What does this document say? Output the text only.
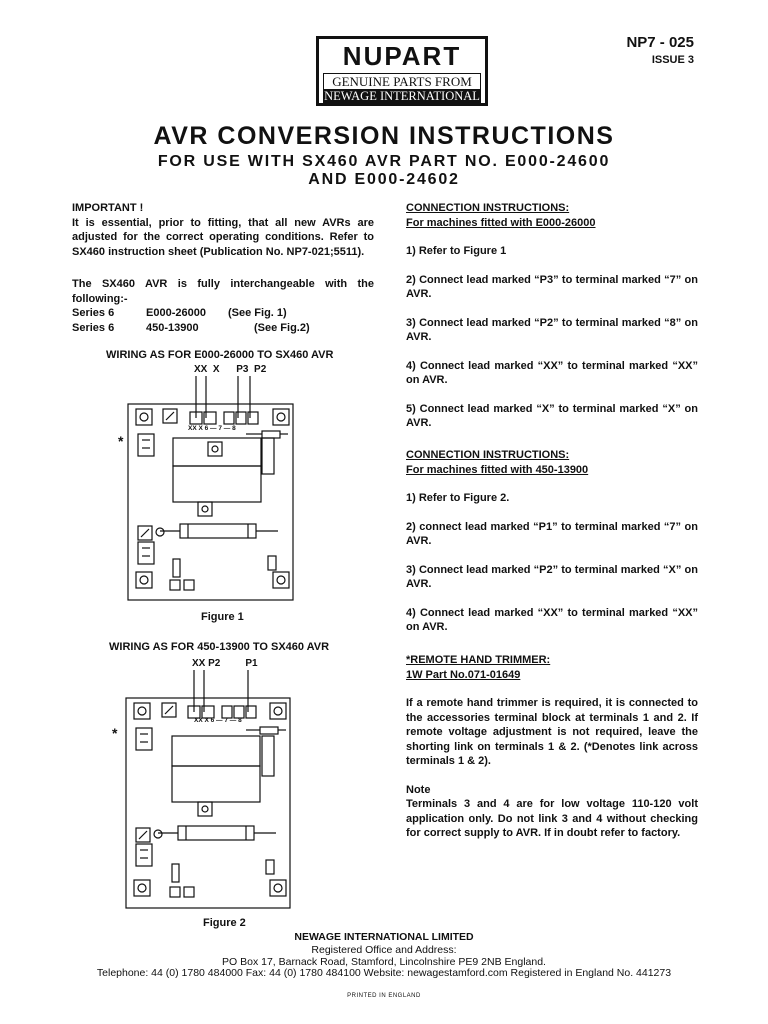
NUPART
GENUINE PARTS FROM
NEWAGE INTERNATIONAL
NP7 - 025
ISSUE 3
AVR CONVERSION INSTRUCTIONS
FOR USE WITH SX460 AVR PART NO. E000-24600
AND E000-24602
IMPORTANT !
It is essential, prior to fitting, that all new AVRs are adjusted for the correct operating conditions. Refer to SX460 instruction sheet (Publication No. NP7-021;5511).
The SX460 AVR is fully interchangeable with the following:-
Series 6	E000-26000	(See Fig. 1)
Series 6	450-13900	(See Fig.2)
WIRING AS FOR E000-26000 TO SX460 AVR
XX  X      P3  P2
XX X 6 — 7 — 8
*
Figure 1
WIRING AS FOR 450-13900 TO SX460 AVR
XX P2         P1
XX X 6 — 7 — 8
*
Figure 2
CONNECTION INSTRUCTIONS:
For machines fitted with E000-26000
1) Refer to Figure 1
2) Connect lead marked “P3” to terminal marked “7” on AVR.
3) Connect lead marked “P2” to terminal marked “8” on AVR.
4) Connect lead marked “XX” to terminal marked “XX” on AVR.
5) Connect lead marked “X” to terminal marked “X” on AVR.
CONNECTION INSTRUCTIONS:
For machines fitted with 450-13900
1) Refer to Figure 2.
2) connect lead marked “P1” to terminal marked “7” on AVR.
3) Connect lead marked “P2” to terminal marked “X” on AVR.
4) Connect lead marked “XX” to terminal marked “XX” on AVR.
*REMOTE HAND TRIMMER:
1W Part No.071-01649
If a remote hand trimmer is required, it is connected to the accessories terminal block at terminals 1 and 2. If remote voltage adjustment is not required, leave the shorting link on terminals 1 & 2. (*Denotes link across terminals 1 & 2).
Note
Terminals 3 and 4 are for low voltage 110-120 volt application only. Do not link 3 and 4 without checking for correct supply to AVR. If in doubt refer to factory.
NEWAGE INTERNATIONAL LIMITED
Registered Office and Address:
PO Box 17, Barnack Road, Stamford, Lincolnshire PE9 2NB England.
Telephone: 44 (0) 1780 484000 Fax: 44 (0) 1780 484100 Website: newagestamford.com Registered in England No. 441273
PRINTED IN ENGLAND
